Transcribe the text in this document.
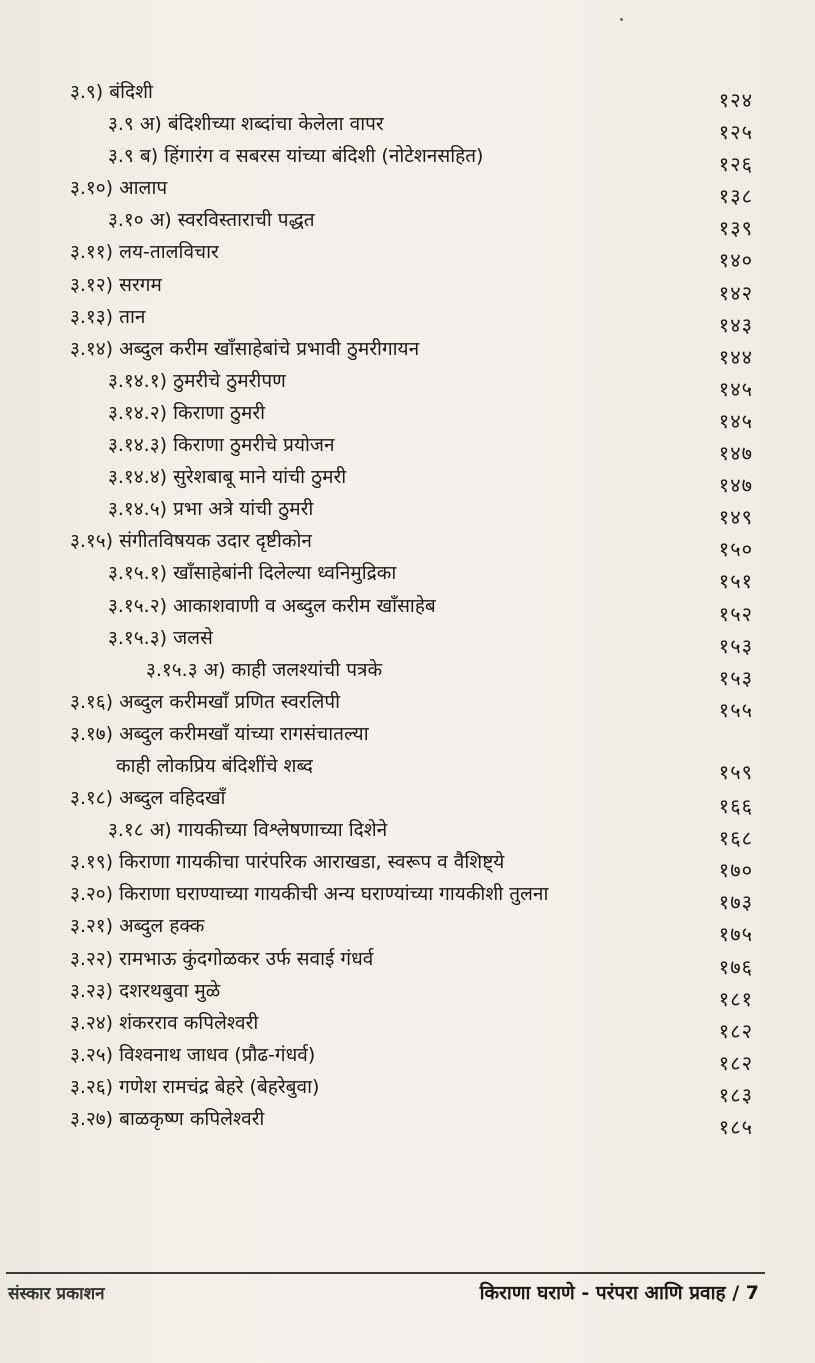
३.९) बंदिशी	१२४
३.९ अ) बंदिशीच्या शब्दांचा केलेला वापर	१२५
३.९ ब) हिंगारंग व सबरस यांच्या बंदिशी (नोटेशनसहित)	१२६
३.१०) आलाप	१३८
३.१० अ) स्वरविस्ताराची पद्धत	१३९
३.११) लय-तालविचार	१४०
३.१२) सरगम	१४२
३.१३) तान	१४३
३.१४) अब्दुल करीम खाँसाहेबांचे प्रभावी ठुमरीगायन	१४४
३.१४.१) ठुमरीचे ठुमरीपण	१४५
३.१४.२) किराणा ठुमरी	१४५
३.१४.३) किराणा ठुमरीचे प्रयोजन	१४७
३.१४.४) सुरेशबाबू माने यांची ठुमरी	१४७
३.१४.५) प्रभा अत्रे यांची ठुमरी	१४९
३.१५) संगीतविषयक उदार दृष्टीकोन	१५०
३.१५.१) खाँसाहेबांनी दिलेल्या ध्वनिमुद्रिका	१५१
३.१५.२) आकाशवाणी व अब्दुल करीम खाँसाहेब	१५२
३.१५.३) जलसे	१५३
३.१५.३ अ) काही जलश्यांची पत्रके	१५३
३.१६) अब्दुल करीमखाँ प्रणित स्वरलिपी	१५५
३.१७) अब्दुल करीमखाँ यांच्या रागसंचातल्या
काही लोकप्रिय बंदिशींचे शब्द	१५९
३.१८) अब्दुल वहिदखाँ	१६६
३.१८ अ) गायकीच्या विश्लेषणाच्या दिशेने	१६८
३.१९) किराणा गायकीचा पारंपरिक आराखडा, स्वरूप व वैशिष्ट्ये	१७०
३.२०) किराणा घराण्याच्या गायकीची अन्य घराण्यांच्या गायकीशी तुलना	१७३
३.२१) अब्दुल हक्क	१७५
३.२२) रामभाऊ कुंदगोळकर उर्फ सवाई गंधर्व	१७६
३.२३) दशरथबुवा मुळे	१८१
३.२४) शंकरराव कपिलेश्वरी	१८२
३.२५) विश्वनाथ जाधव (प्रौढ-गंधर्व)	१८२
३.२६) गणेश रामचंद्र बेहरे (बेहरेबुवा)	१८३
३.२७) बाळकृष्ण कपिलेश्वरी	१८५
संस्कार प्रकाशन	किराणा घराणे - परंपरा आणि प्रवाह / 7
